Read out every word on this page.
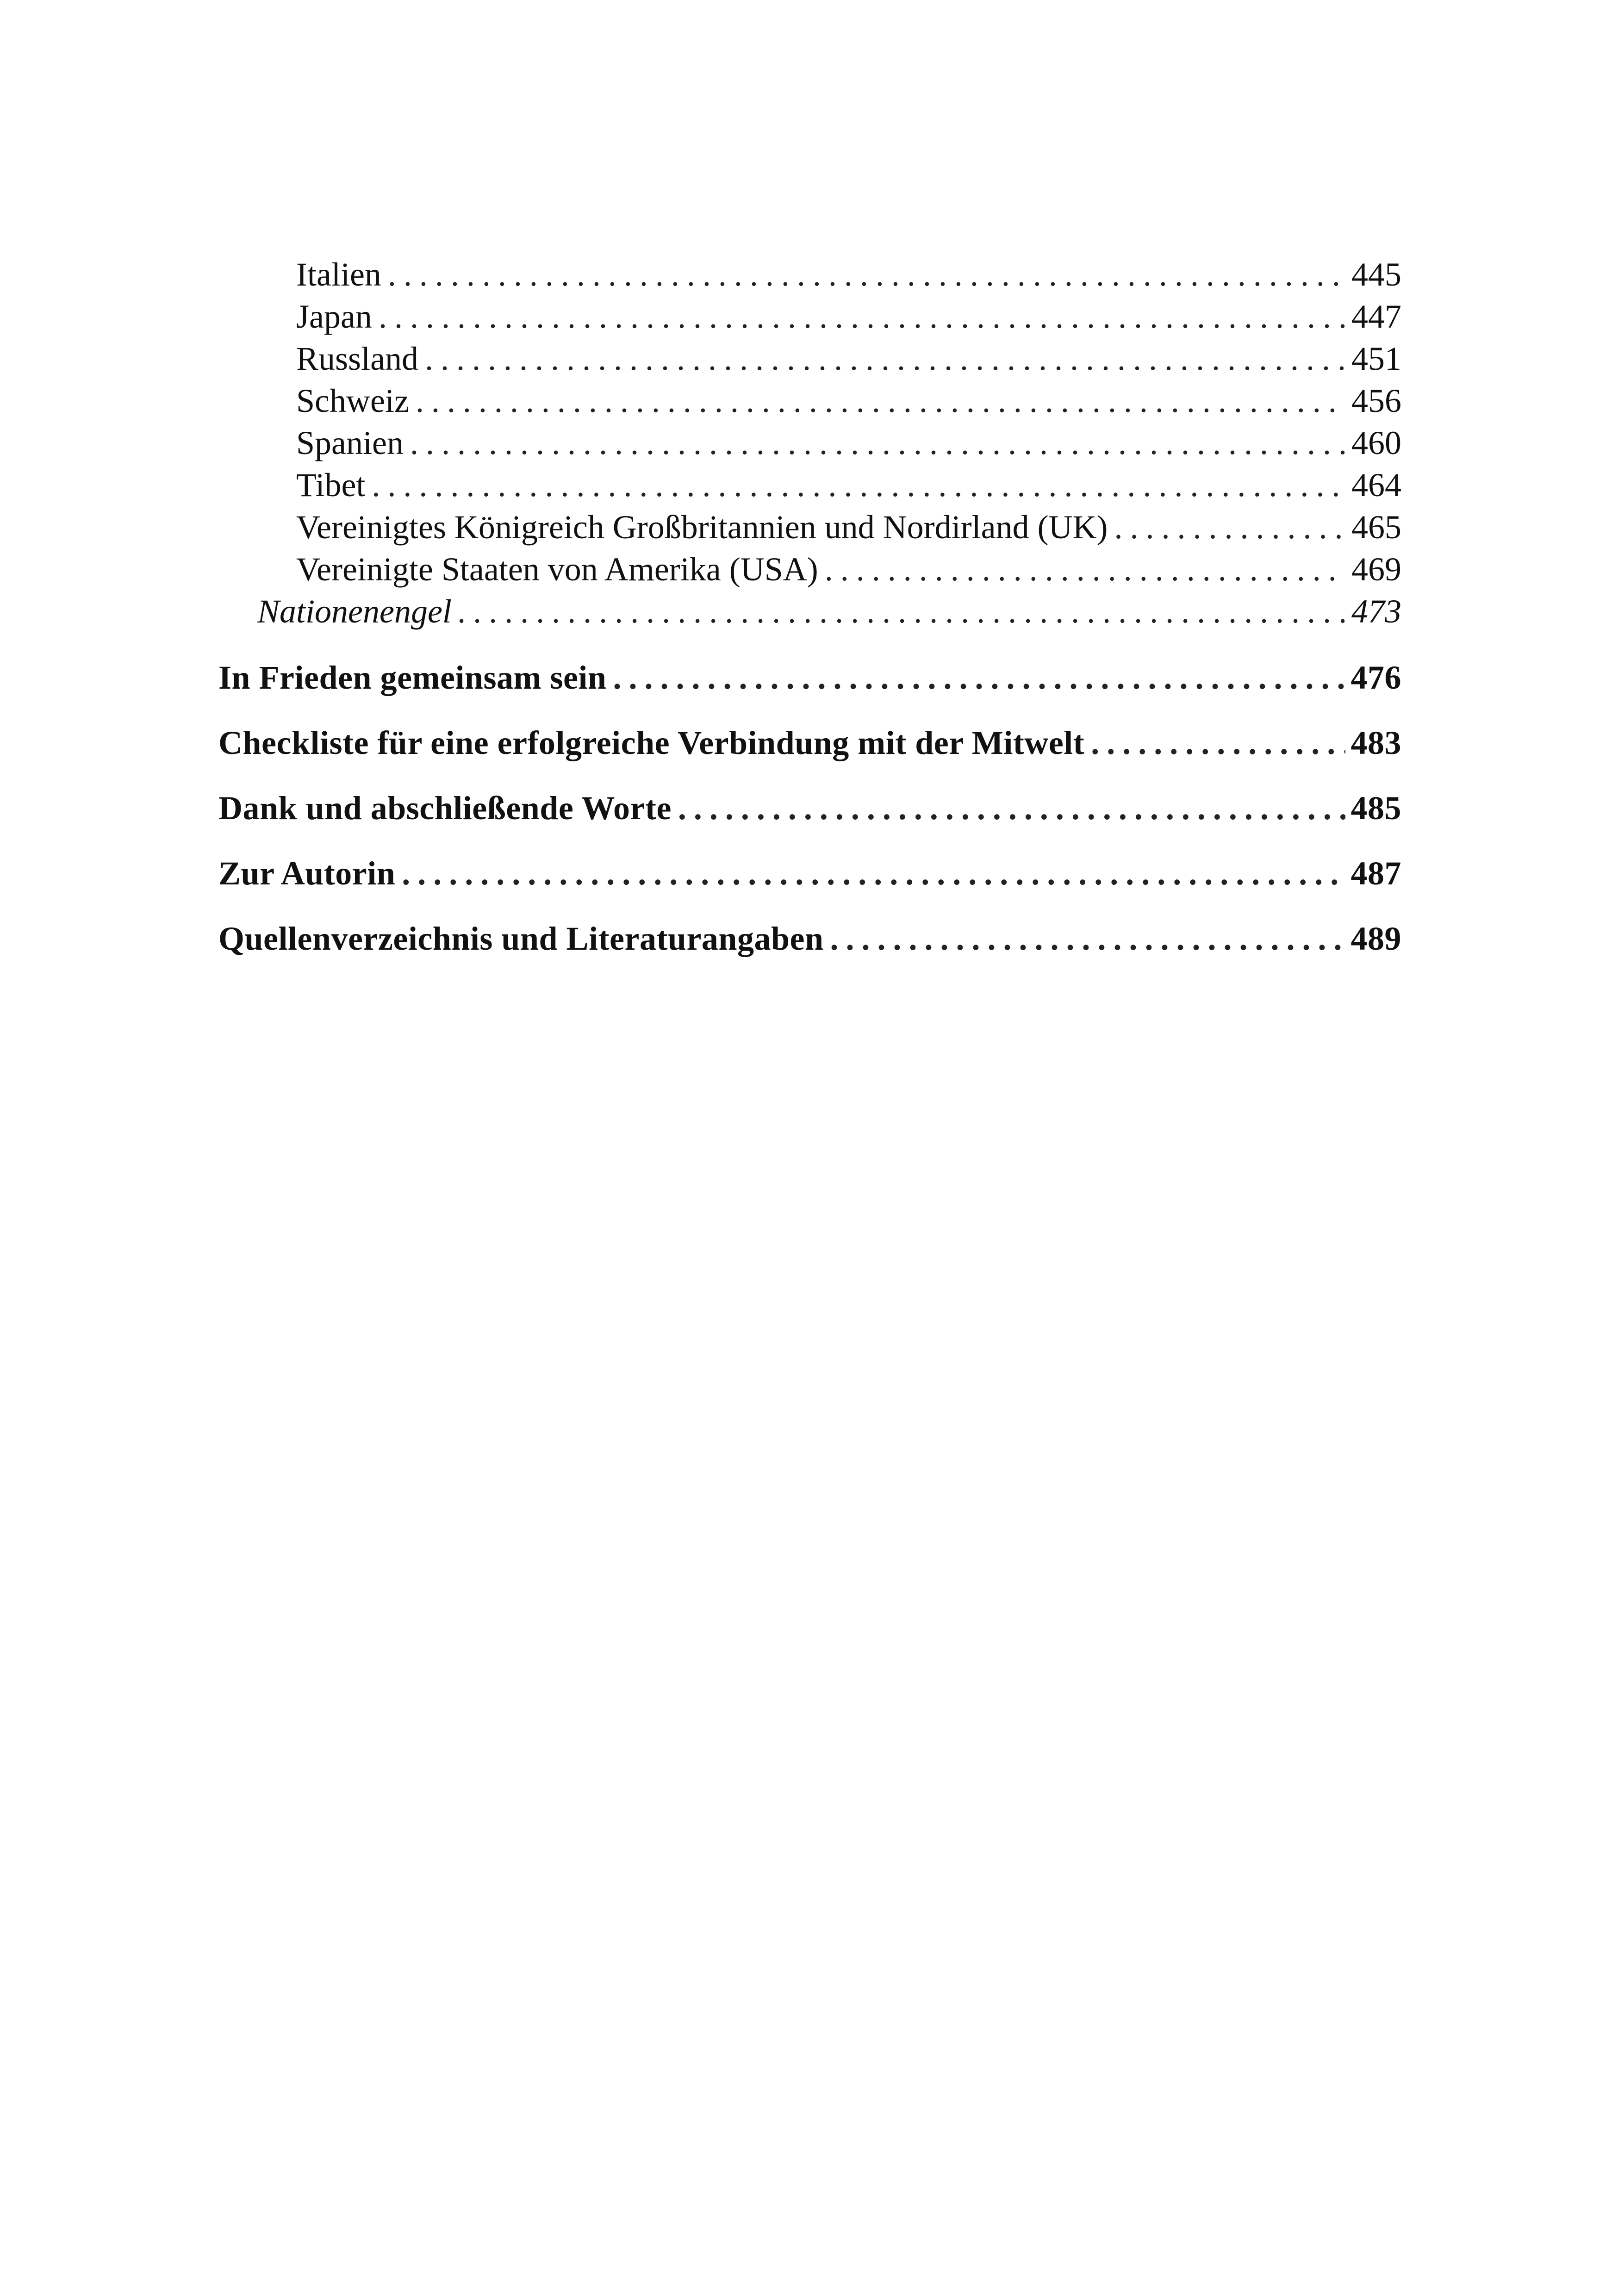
Italien . . .	445
Japan . . .	447
Russland . . .	451
Schweiz . . .	456
Spanien . . .	460
Tibet . . .	464
Vereinigtes Königreich Großbritannien und Nordirland (UK) . . .	465
Vereinigte Staaten von Amerika (USA) . . .	469
Nationenengel . . .	473
In Frieden gemeinsam sein . . .	476
Checkliste für eine erfolgreiche Verbindung mit der Mitwelt . . .	483
Dank und abschließende Worte . . .	485
Zur Autorin . . .	487
Quellenverzeichnis und Literaturangaben . . .	489
